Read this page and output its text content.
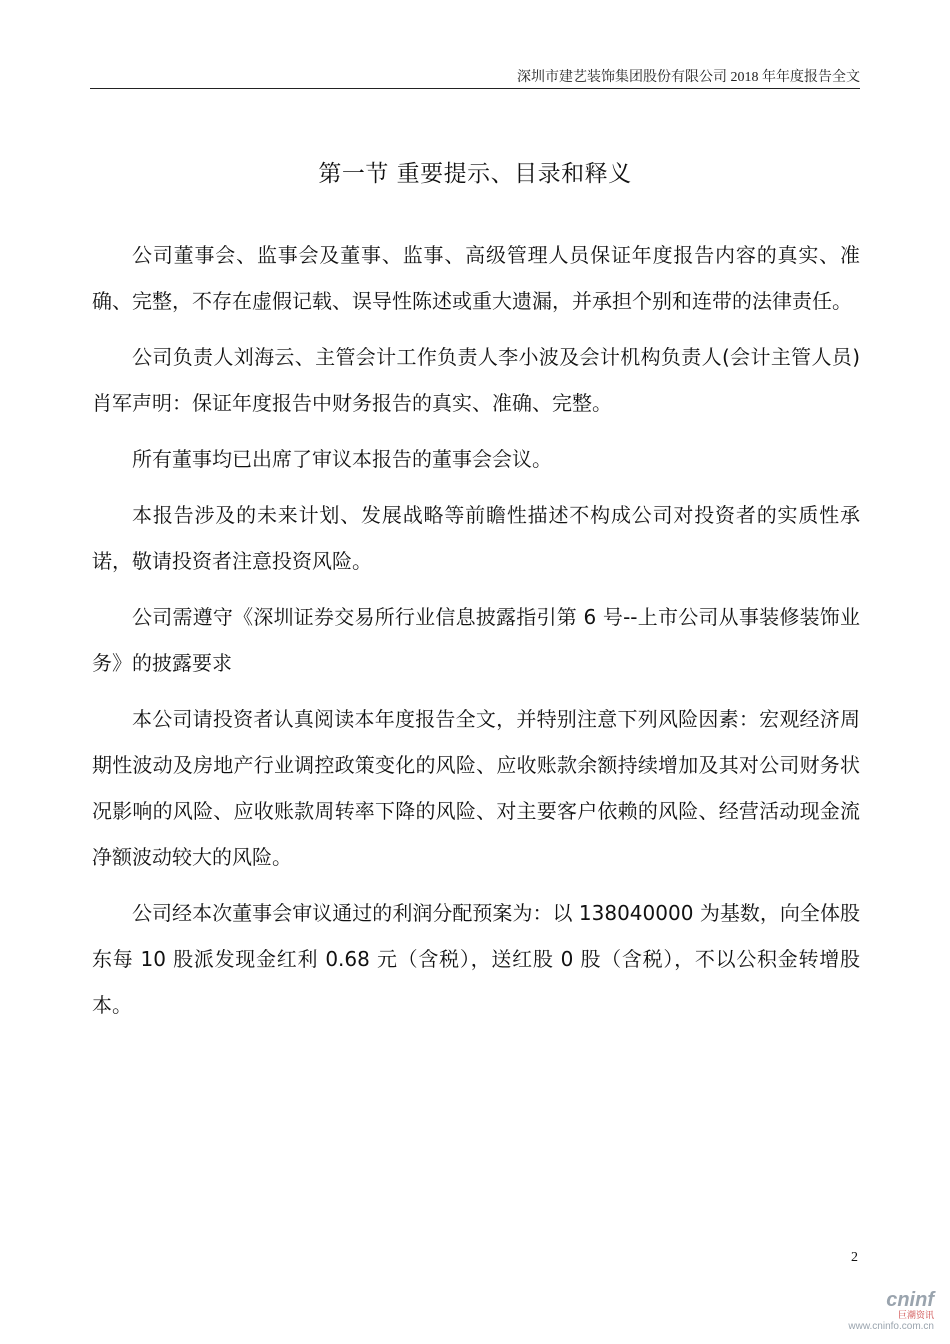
深圳市建艺装饰集团股份有限公司 2018 年年度报告全文
第一节 重要提示、目录和释义

公司董事会、监事会及董事、监事、高级管理人员保证年度报告内容的真实、准确、完整，不存在虚假记载、误导性陈述或重大遗漏，并承担个别和连带的法律责任。

公司负责人刘海云、主管会计工作负责人李小波及会计机构负责人(会计主管人员)肖军声明：保证年度报告中财务报告的真实、准确、完整。

所有董事均已出席了审议本报告的董事会会议。

本报告涉及的未来计划、发展战略等前瞻性描述不构成公司对投资者的实质性承诺，敬请投资者注意投资风险。

公司需遵守《深圳证券交易所行业信息披露指引第 6 号--上市公司从事装修装饰业务》的披露要求

本公司请投资者认真阅读本年度报告全文，并特别注意下列风险因素：宏观经济周期性波动及房地产行业调控政策变化的风险、应收账款余额持续增加及其对公司财务状况影响的风险、应收账款周转率下降的风险、对主要客户依赖的风险、经营活动现金流净额波动较大的风险。

公司经本次董事会审议通过的利润分配预案为：以 138040000 为基数，向全体股东每 10 股派发现金红利 0.68 元（含税），送红股 0 股（含税），不以公积金转增股本。

2
cninf
巨潮资讯
www.cninfo.com.cn
